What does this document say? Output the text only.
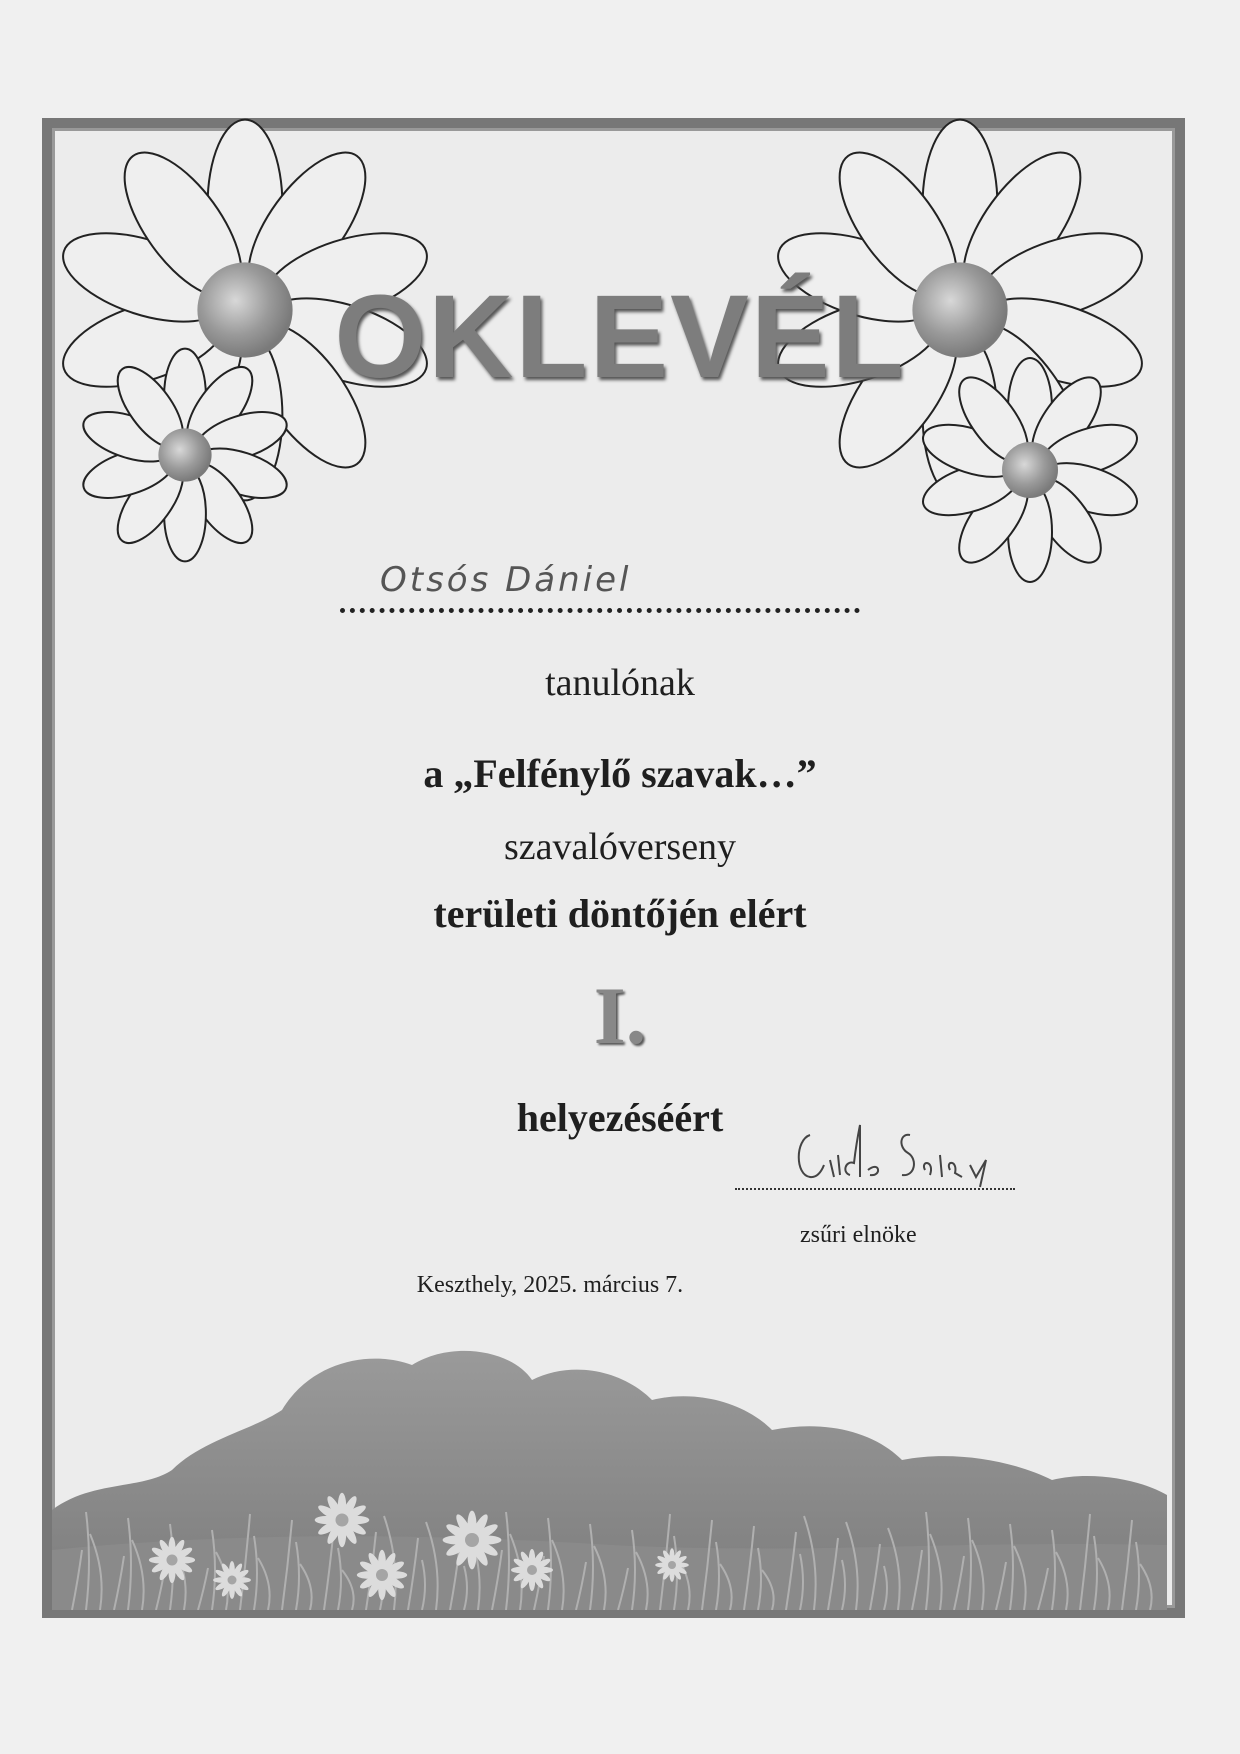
OKLEVÉL
Otsós Dániel
tanulónak
a „Felfénylő szavak…”
szavalóverseny
területi döntőjén elért
I.
helyezéséért
zsűri elnöke
Keszthely, 2025. március 7.
